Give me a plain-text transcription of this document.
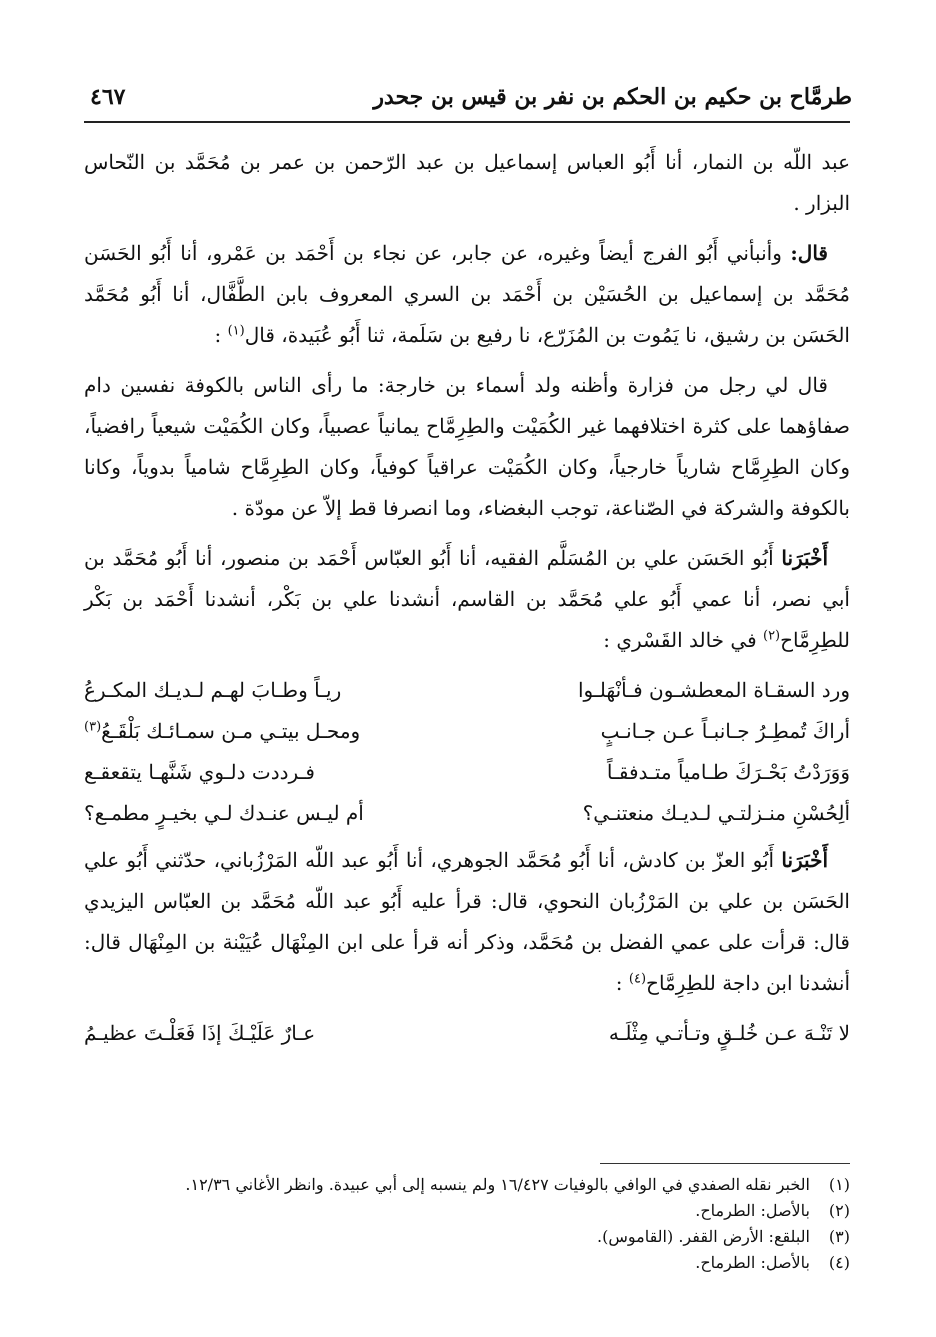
طرمَّاح بن حكيم بن الحكم بن نفر بن قيس بن جحدر
٤٦٧

عبد اللّه بن النمار، أنا أَبُو العباس إسماعيل بن عبد الرّحمن بن عمر بن مُحَمَّد بن النّحاس البزار .

قال: وأنبأني أَبُو الفرج أيضاً وغيره، عن جابر، عن نجاء بن أَحْمَد بن عَمْرو، أنا أَبُو الحَسَن مُحَمَّد بن إسماعيل بن الحُسَيْن بن أَحْمَد بن السري المعروف بابن الطَّفَّال، أنا أَبُو مُحَمَّد الحَسَن بن رشيق، نا يَمُوت بن المُزَرّع، نا رفيع بن سَلَمة، ثنا أَبُو عُبَيدة، قال$^{(١)}$ :

قال لي رجل من فزارة وأظنه ولد أسماء بن خارجة: ما رأى الناس بالكوفة نفسين دام صفاؤهما على كثرة اختلافهما غير الكُمَيْت والطِرِمَّاح يمانياً عصبياً، وكان الكُمَيْت شيعياً رافضياً، وكان الطِرِمَّاح شارياً خارجياً، وكان الكُمَيْت عراقياً كوفياً، وكان الطِرِمَّاح شامياً بدوياً، وكانا بالكوفة والشركة في الصّناعة، توجب البغضاء، وما انصرفا قط إلاّ عن مودّة .

أَخْبَرَنا أَبُو الحَسَن علي بن المُسَلَّم الفقيه، أنا أَبُو العبّاس أَحْمَد بن منصور، أنا أَبُو مُحَمَّد بن أبي نصر، أنا عمي أَبُو علي مُحَمَّد بن القاسم، أنشدنا علي بن بَكْر، أنشدنا أَحْمَد بن بَكْر للطِرِمَّاح$^{(٢)}$ في خالد القَسْري :

ورد السقـاة المعطشـون فـأنْهَلـوا
ريـاً وطـابَ لهـم لـديـك المكـرعُ
أراكَ تُمطِـرُ جـانبـاً عـن جـانـبٍ
ومحـل بيتـي مـن سمـائـك بَلْقَـعُ$^{(٣)}$
وَوَرَدْتُ بَحْـرَكَ طـامياً متـدفقـاً
فـرددت دلـوي شَنَّهـا يتقعقـع
ألِحُسْنِ منـزلتـي لـديـك منعتنـي؟
أم ليـس عنـدك لـي بخيـرٍ مطمـع؟

أَخْبَرَنا أَبُو العزّ بن كادش، أنا أَبُو مُحَمَّد الجوهري، أنا أَبُو عبد اللّه المَرْزُباني، حدّثني أَبُو علي الحَسَن بن علي بن المَرْزُبان النحوي، قال: قرأ عليه أَبُو عبد اللّه مُحَمَّد بن العبّاس اليزيدي قال: قرأت على عمي الفضل بن مُحَمَّد، وذكر أنه قرأ على ابن المِنْهَال عُيَيْنة بن المِنْهَال قال: أنشدنا ابن داجة للطِرِمَّاح$^{(٤)}$ :

لا تَنْـهَ عـن خُلـقٍ وتـأتـي مِثْلَـه
عـارٌ عَلَيْـكَ إذَا فَعَلْـتَ عظيـمُ

(١)
الخبر نقله الصفدي في الوافي بالوفيات ١٦/٤٢٧ ولم ينسبه إلى أبي عبيدة. وانظر الأغاني ١٢/٣٦.

(٢)
بالأصل: الطرماح.

(٣)
البلقع: الأرض القفر. (القاموس).

(٤)
بالأصل: الطرماح.
